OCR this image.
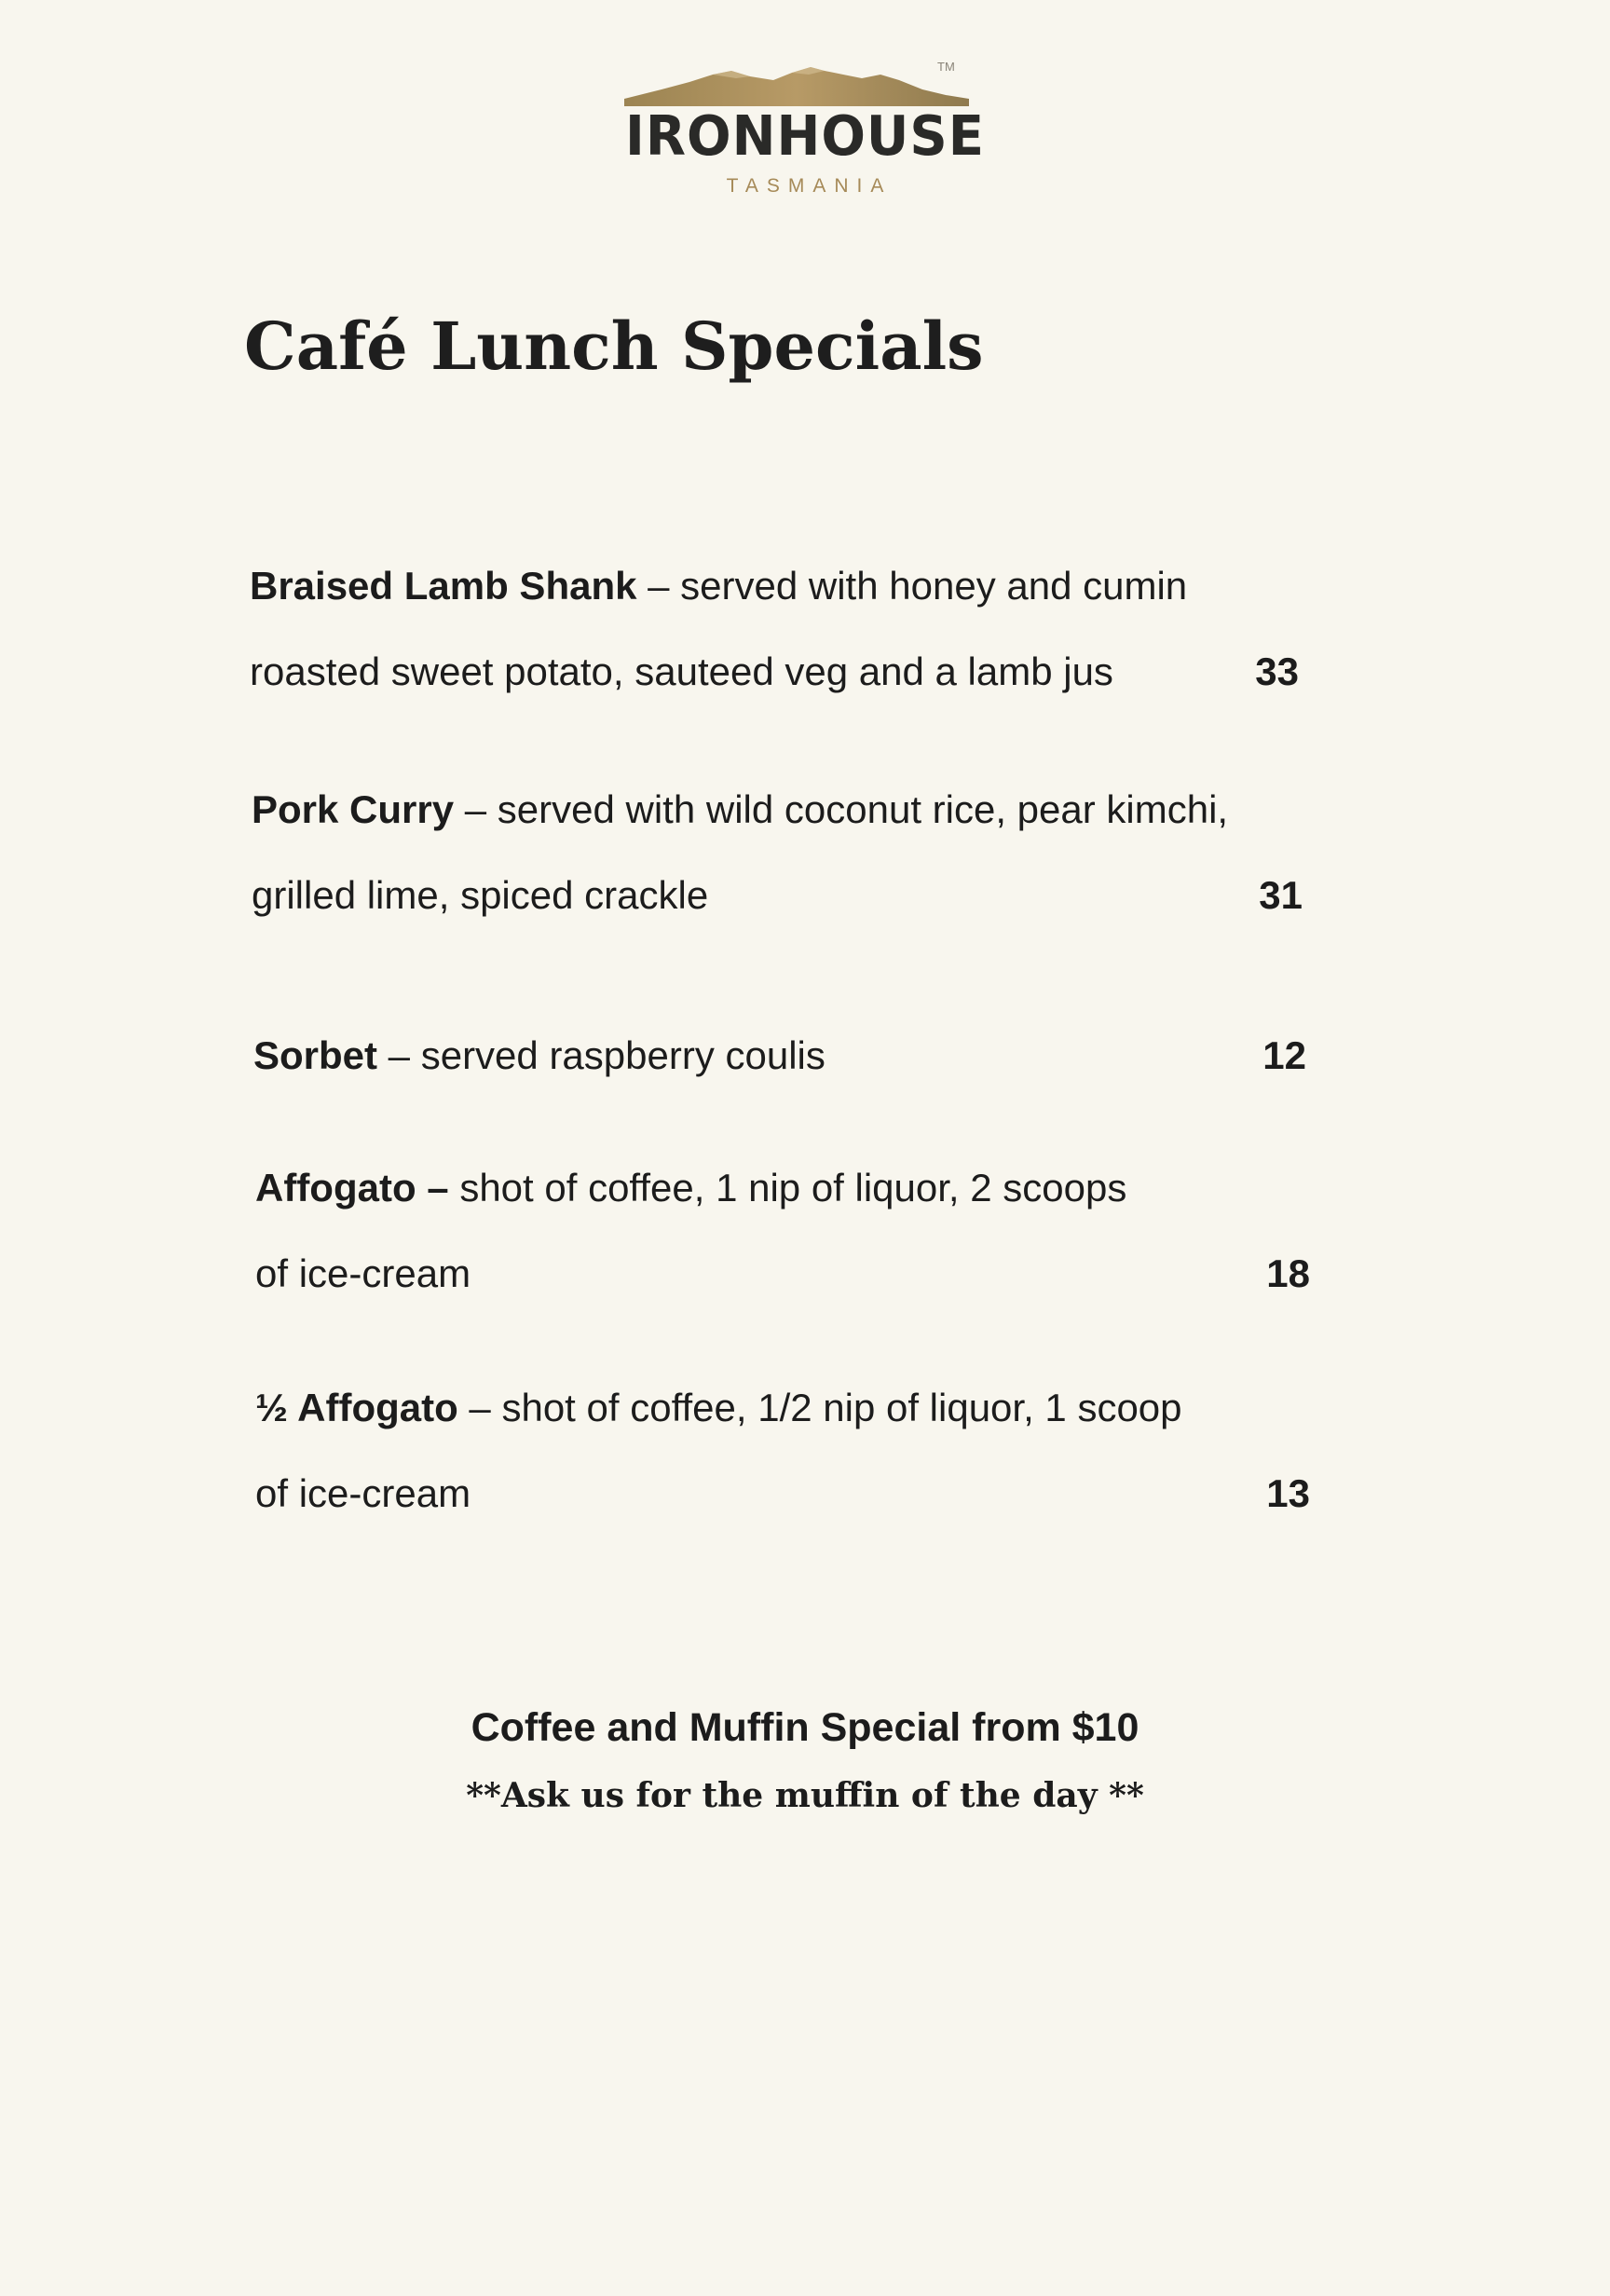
TM
IRONHOUSE
TASMANIA
Café Lunch Specials
Braised Lamb Shank – served with honey and cumin
roasted sweet potato, sauteed veg and a lamb jus	33
Pork Curry – served with wild coconut rice, pear kimchi,
grilled lime, spiced crackle	31
Sorbet – served raspberry coulis	12
Affogato – shot of coffee, 1 nip of liquor, 2 scoops
of ice-cream	18
½ Affogato – shot of coffee, 1/2 nip of liquor, 1 scoop
of ice-cream	13
Coffee and Muffin Special from $10
**Ask us for the muffin of the day **
